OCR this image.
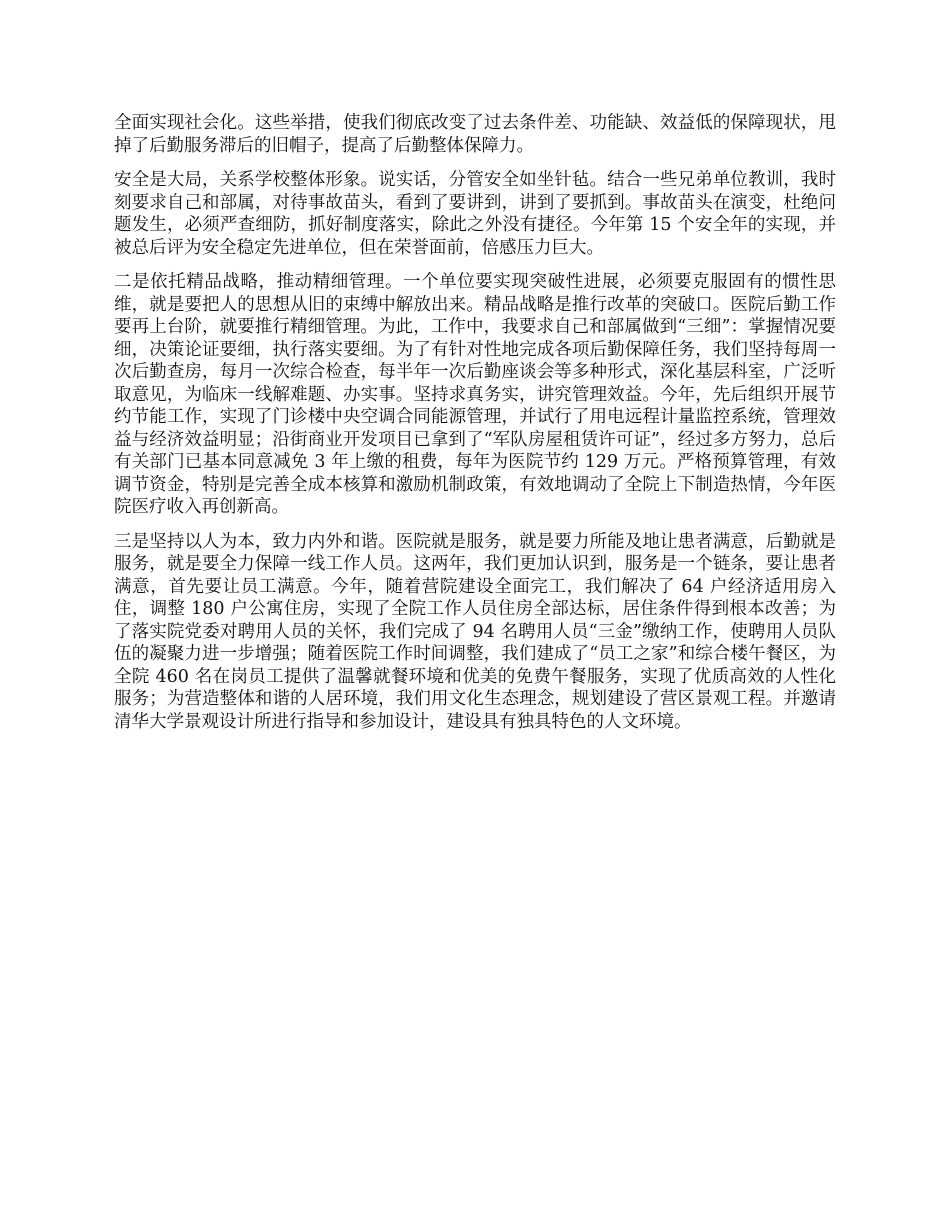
全面实现社会化。这些举措，使我们彻底改变了过去条件差、功能缺、效益低的保障现状，甩掉了后勤服务滞后的旧帽子，提高了后勤整体保障力。

安全是大局，关系学校整体形象。说实话，分管安全如坐针毡。结合一些兄弟单位教训，我时刻要求自己和部属，对待事故苗头，看到了要讲到，讲到了要抓到。事故苗头在演变，杜绝问题发生，必须严查细防，抓好制度落实，除此之外没有捷径。今年第 15 个安全年的实现，并被总后评为安全稳定先进单位，但在荣誉面前，倍感压力巨大。

二是依托精品战略，推动精细管理。一个单位要实现突破性进展，必须要克服固有的惯性思维，就是要把人的思想从旧的束缚中解放出来。精品战略是推行改革的突破口。医院后勤工作要再上台阶，就要推行精细管理。为此，工作中，我要求自己和部属做到“三细”：掌握情况要细，决策论证要细，执行落实要细。为了有针对性地完成各项后勤保障任务，我们坚持每周一次后勤查房，每月一次综合检查，每半年一次后勤座谈会等多种形式，深化基层科室，广泛听取意见，为临床一线解难题、办实事。坚持求真务实，讲究管理效益。今年，先后组织开展节约节能工作，实现了门诊楼中央空调合同能源管理，并试行了用电远程计量监控系统，管理效益与经济效益明显；沿街商业开发项目已拿到了“军队房屋租赁许可证”，经过多方努力，总后有关部门已基本同意减免 3 年上缴的租费，每年为医院节约 129 万元。严格预算管理，有效调节资金，特别是完善全成本核算和激励机制政策，有效地调动了全院上下制造热情，今年医院医疗收入再创新高。

三是坚持以人为本，致力内外和谐。医院就是服务，就是要力所能及地让患者满意，后勤就是服务，就是要全力保障一线工作人员。这两年，我们更加认识到，服务是一个链条，要让患者满意，首先要让员工满意。今年，随着营院建设全面完工，我们解决了 64 户经济适用房入住，调整 180 户公寓住房，实现了全院工作人员住房全部达标，居住条件得到根本改善；为了落实院党委对聘用人员的关怀，我们完成了 94 名聘用人员“三金”缴纳工作，使聘用人员队伍的凝聚力进一步增强；随着医院工作时间调整，我们建成了“员工之家”和综合楼午餐区，为全院 460 名在岗员工提供了温馨就餐环境和优美的免费午餐服务，实现了优质高效的人性化服务；为营造整体和谐的人居环境，我们用文化生态理念，规划建设了营区景观工程。并邀请清华大学景观设计所进行指导和参加设计，建设具有独具特色的人文环境。
